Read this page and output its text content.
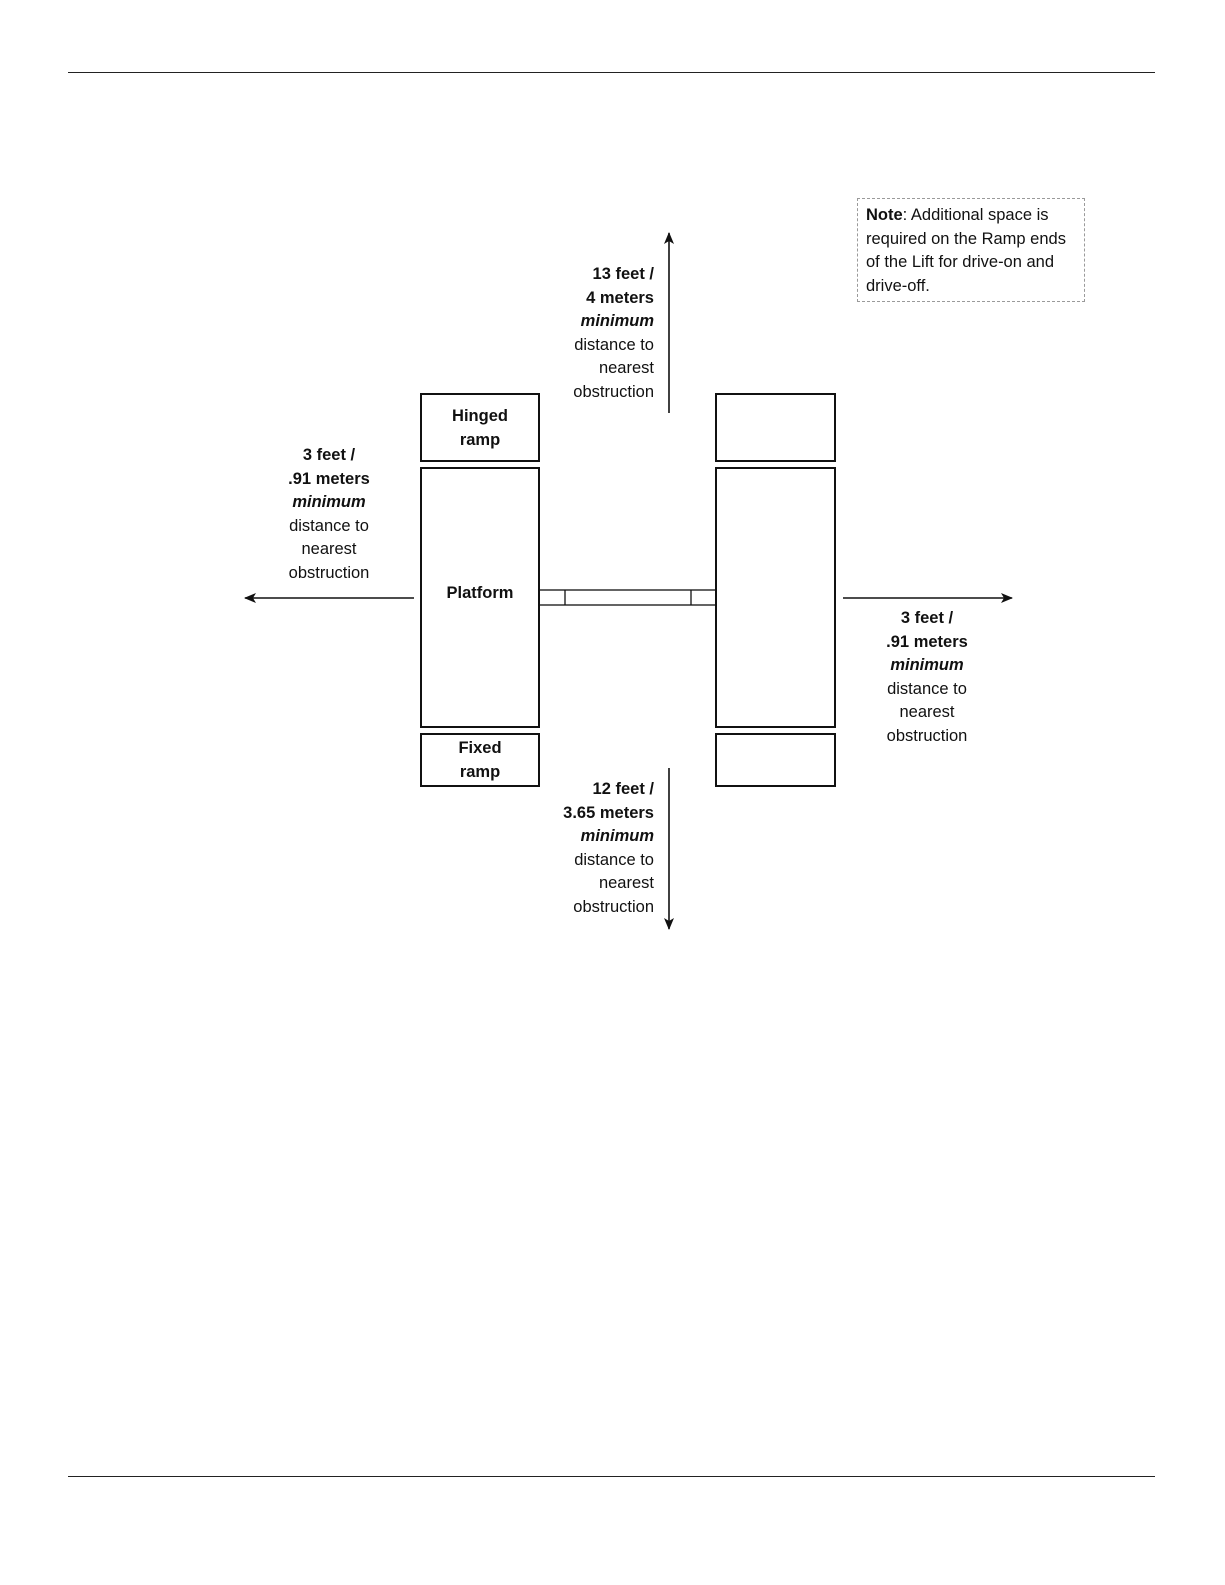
Hinged
ramp
Platform
Fixed
ramp
13 feet /
4 meters
minimum
distance to
nearest
obstruction
12 feet /
3.65 meters
minimum
distance to
nearest
obstruction
3 feet /
.91 meters
minimum
distance to
nearest
obstruction
3 feet /
.91 meters
minimum
distance to
nearest
obstruction
Note: Additional space is
required on the Ramp ends
of the Lift for drive-on and
drive-off.
